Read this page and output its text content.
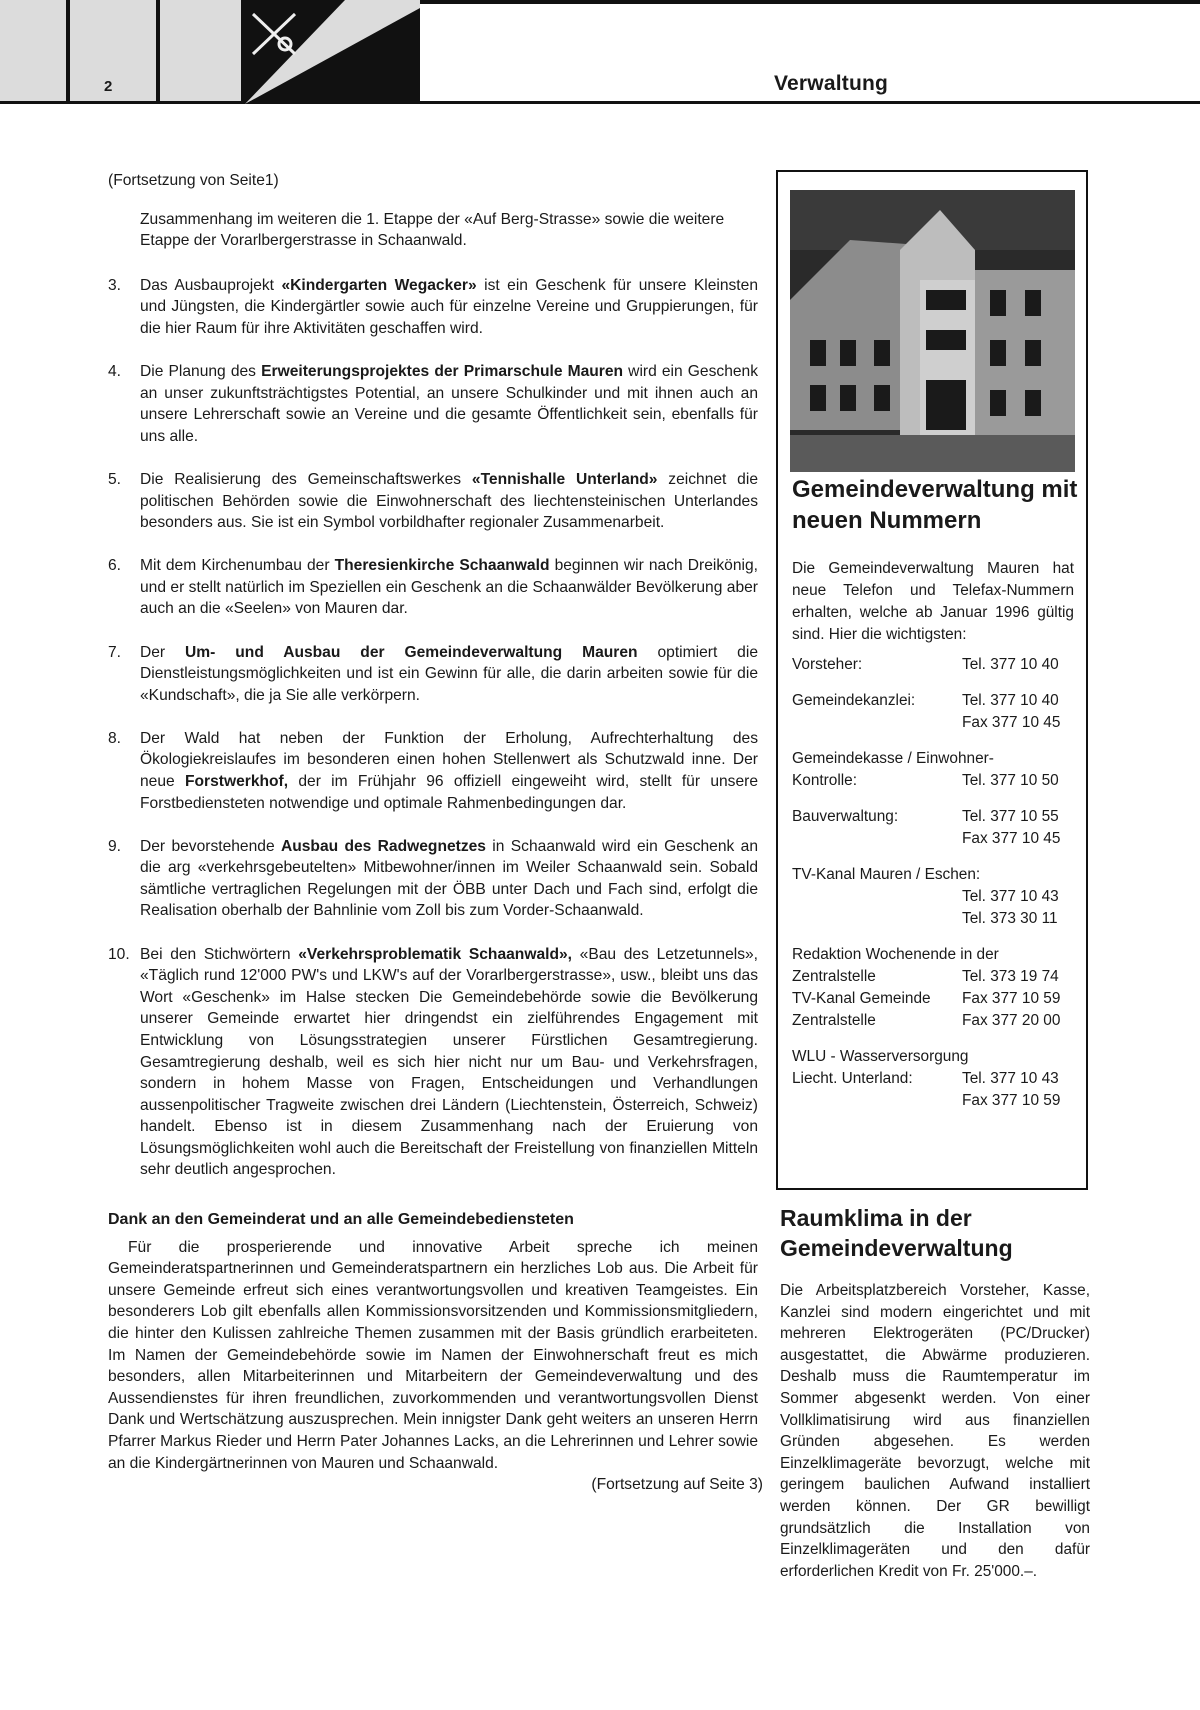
2	Verwaltung
(Fortsetzung von Seite1)
Zusammenhang im weiteren die 1. Etappe der «Auf Berg-Strasse» sowie die weitere Etappe der Vorarlbergerstrasse in Schaanwald.
3. Das Ausbauprojekt «Kindergarten Wegacker» ist ein Geschenk für unsere Kleinsten und Jüngsten, die Kindergärtler sowie auch für einzelne Vereine und Gruppierungen, für die hier Raum für ihre Aktivitäten geschaffen wird.
4. Die Planung des Erweiterungsprojektes der Primarschule Mauren wird ein Geschenk an unser zukunftsträchtigstes Potential, an unsere Schulkinder und mit ihnen auch an unsere Lehrerschaft sowie an Vereine und die gesamte Öffentlichkeit sein, ebenfalls für uns alle.
5. Die Realisierung des Gemeinschaftswerkes «Tennishalle Unterland» zeichnet die politischen Behörden sowie die Einwohnerschaft des liechtensteinischen Unterlandes besonders aus. Sie ist ein Symbol vorbildhafter regionaler Zusammenarbeit.
6. Mit dem Kirchenumbau der Theresienkirche Schaanwald beginnen wir nach Dreikönig, und er stellt natürlich im Speziellen ein Geschenk an die Schaanwälder Bevölkerung aber auch an die «Seelen» von Mauren dar.
7. Der Um- und Ausbau der Gemeindeverwaltung Mauren optimiert die Dienstleistungsmöglichkeiten und ist ein Gewinn für alle, die darin arbeiten sowie für die «Kundschaft», die ja Sie alle verkörpern.
8. Der Wald hat neben der Funktion der Erholung, Aufrechterhaltung des Ökologiekreislaufes im besonderen einen hohen Stellenwert als Schutzwald inne. Der neue Forstwerkhof, der im Frühjahr 96 offiziell eingeweiht wird, stellt für unsere Forstbediensteten notwendige und optimale Rahmenbedingungen dar.
9. Der bevorstehende Ausbau des Radwegnetzes in Schaanwald wird ein Geschenk an die arg «verkehrsgebeutelten» Mitbewohner/innen im Weiler Schaanwald sein. Sobald sämtliche vertraglichen Regelungen mit der ÖBB unter Dach und Fach sind, erfolgt die Realisation oberhalb der Bahnlinie vom Zoll bis zum Vorder-Schaanwald.
10. Bei den Stichwörtern «Verkehrsproblematik Schaanwald», «Bau des Letzetunnels», «Täglich rund 12'000 PW's und LKW's auf der Vorarlbergerstrasse», usw., bleibt uns das Wort «Geschenk» im Halse stecken Die Gemeindebehörde sowie die Bevölkerung unserer Gemeinde erwartet hier dringendst ein zielführendes Engagement mit Entwicklung von Lösungsstrategien unserer Fürstlichen Gesamtregierung. Gesamtregierung deshalb, weil es sich hier nicht nur um Bau- und Verkehrsfragen, sondern in hohem Masse von Fragen, Entscheidungen und Verhandlungen aussenpolitischer Tragweite zwischen drei Ländern (Liechtenstein, Österreich, Schweiz) handelt. Ebenso ist in diesem Zusammenhang nach der Eruierung von Lösungsmöglichkeiten wohl auch die Bereitschaft der Freistellung von finanziellen Mitteln sehr deutlich angesprochen.
Dank an den Gemeinderat und an alle Gemeindebediensteten
Für die prosperierende und innovative Arbeit spreche ich meinen Gemeinderatspartnerinnen und Gemeinderatspartnern ein herzliches Lob aus. Die Arbeit für unsere Gemeinde erfreut sich eines verantwortungsvollen und kreativen Teamgeistes. Ein besonderers Lob gilt ebenfalls allen Kommissionsvorsitzenden und Kommissionsmitgliedern, die hinter den Kulissen zahlreiche Themen zusammen mit der Basis gründlich erarbeiteten. Im Namen der Gemeindebehörde sowie im Namen der Einwohnerschaft freut es mich besonders, allen Mitarbeiterinnen und Mitarbeitern der Gemeindeverwaltung und des Aussendienstes für ihren freundlichen, zuvorkommenden und verantwortungsvollen Dienst Dank und Wertschätzung auszusprechen. Mein innigster Dank geht weiters an unseren Herrn Pfarrer Markus Rieder und Herrn Pater Johannes Lacks, an die Lehrerinnen und Lehrer sowie an die Kindergärtnerinnen von Mauren und Schaanwald.
(Fortsetzung auf Seite 3)
Gemeindeverwaltung mit neuen Nummern
Die Gemeindeverwaltung Mauren hat neue Telefon und Telefax-Nummern erhalten, welche ab Januar 1996 gültig sind. Hier die wichtigsten:
Vorsteher:	Tel. 377 10 40
Gemeindekanzlei:	Tel. 377 10 40
Fax 377 10 45
Gemeindekasse / Einwohner-
Kontrolle:	Tel. 377 10 50
Bauverwaltung:	Tel. 377 10 55
Fax 377 10 45
TV-Kanal Mauren / Eschen:
Tel. 377 10 43
Tel. 373 30 11
Redaktion Wochenende in der
Zentralstelle	Tel. 373 19 74
TV-Kanal Gemeinde	Fax 377 10 59
Zentralstelle	Fax 377 20 00
WLU - Wasserversorgung
Liecht. Unterland:	Tel. 377 10 43
Fax 377 10 59
Raumklima in der Gemeindeverwaltung
Die Arbeitsplatzbereich Vorsteher, Kasse, Kanzlei sind modern eingerichtet und mit mehreren Elektrogeräten (PC/Drucker) ausgestattet, die Abwärme produzieren. Deshalb muss die Raumtemperatur im Sommer abgesenkt werden. Von einer Vollklimatisirung wird aus finanziellen Gründen abgesehen. Es werden Einzelklimageräte bevorzugt, welche mit geringem baulichen Aufwand installiert werden können. Der GR bewilligt grundsätzlich die Installation von Einzelklimageräten und den dafür erforderlichen Kredit von Fr. 25'000.–.
